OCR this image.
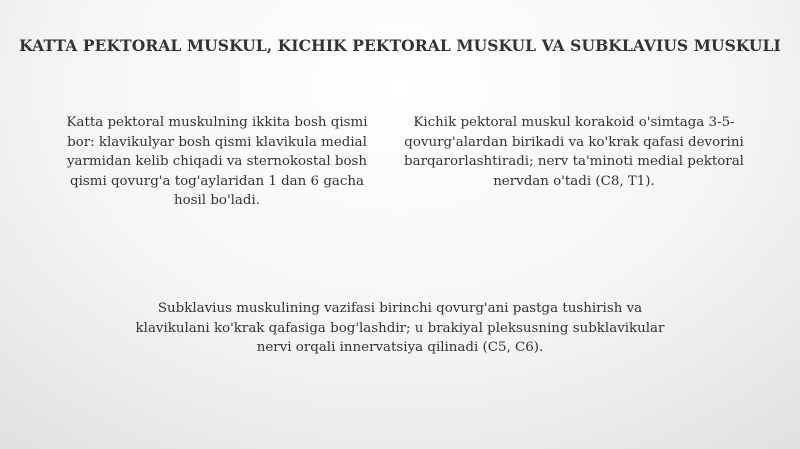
KATTA PEKTORAL MUSKUL, KICHIK PEKTORAL MUSKUL VA SUBKLAVIUS MUSKULI
Katta pektoral muskulning ikkita bosh qismi bor: klavikulyar bosh qismi klavikula medial yarmidan kelib chiqadi va sternokostal bosh qismi qovurg'a tog'aylaridan 1 dan 6 gacha hosil bo'ladi.
Kichik pektoral muskul korakoid o'simtaga 3-5-qovurg'alardan birikadi va ko'krak qafasi devorini barqarorlashtiradi; nerv ta'minoti medial pektoral nervdan o'tadi (C8, T1).
Subklavius muskulining vazifasi birinchi qovurg'ani pastga tushirish va klavikulani ko'krak qafasiga bog'lashdir; u brakiyal pleksusning subklavikular nervi orqali innervatsiya qilinadi (C5, C6).
